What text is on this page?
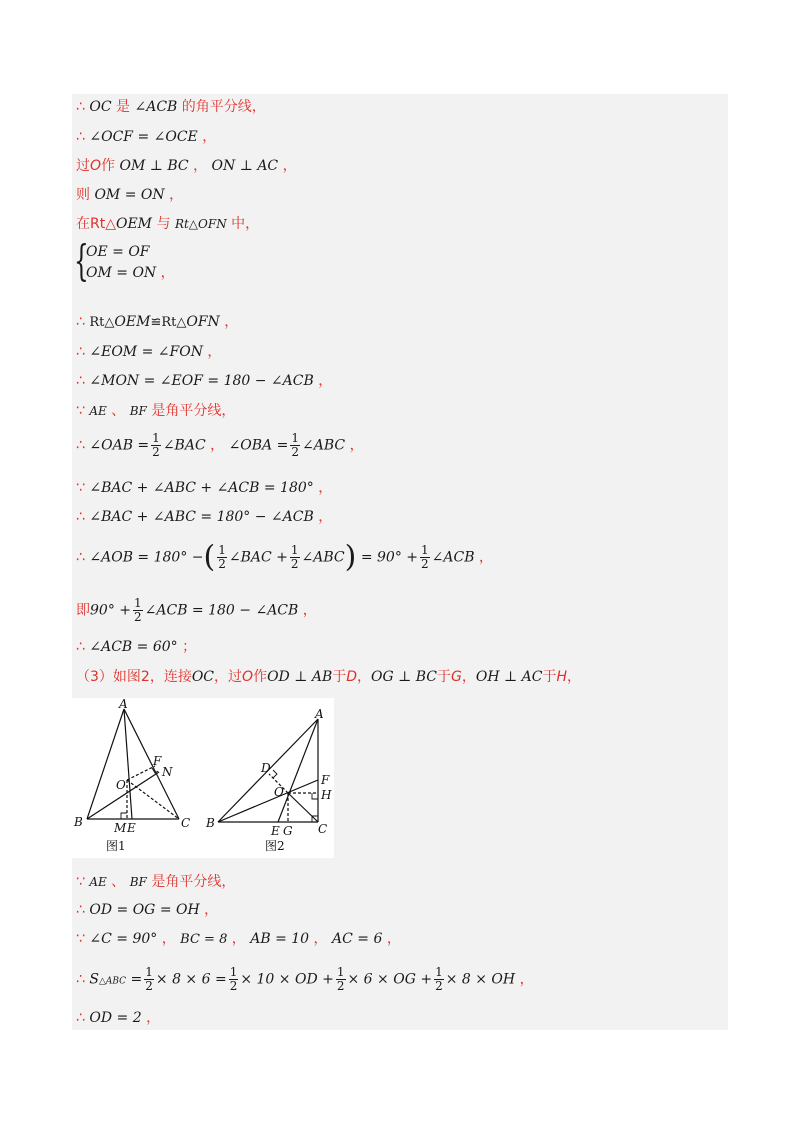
∴ OC 是 ∠ACB 的角平分线，
∴ ∠OCF = ∠OCE ，
过O作 OM ⊥ BC ， ON ⊥ AC ，
则 OM = ON ，
在Rt△OEM 与 Rt△OFN 中，
{
OE = OF
OM = ON ，
∴ Rt△OEM≌Rt△OFN ，
∴ ∠EOM = ∠FON ，
∴ ∠MON = ∠EOF = 180 − ∠ACB ，
∵ AE 、 BF 是角平分线，
∴ ∠OAB = $\frac{1}{2}$ ∠BAC ， ∠OBA = $\frac{1}{2}$ ∠ABC ，
∵ ∠BAC + ∠ABC + ∠ACB = 180° ，
∴ ∠BAC + ∠ABC = 180° − ∠ACB ，
∴ ∠AOB = 180° −( $\frac{1}{2}$ ∠BAC + $\frac{1}{2}$ ∠ABC) = $90^\circ + \frac{1}{2}$ ∠ACB ，
即$90^\circ + \frac{1}{2}$ ∠ACB = 180 − ∠ACB ，
∴ ∠ACB = 60° ；
（3）如图2，连接OC，过O作OD ⊥ AB于D，OG ⊥ BC于G，OH ⊥ AC于H，
A
B	C
O
F
N
M E
图1
A
B	C
O
D
F
H
E G
图2
∵ AE 、 BF 是角平分线，
∴ OD = OG = OH ，
∵ ∠C = 90° ， BC = 8 ， AB = 10 ， AC = 6 ，
∴ S△ABC = $\frac{1}{2} \times 8 \times 6 = \frac{1}{2} \times 10$ × OD + $\frac{1}{2} \times 6$ × OG + $\frac{1}{2} \times 8$ × OH ，
∴ OD = 2 ，
